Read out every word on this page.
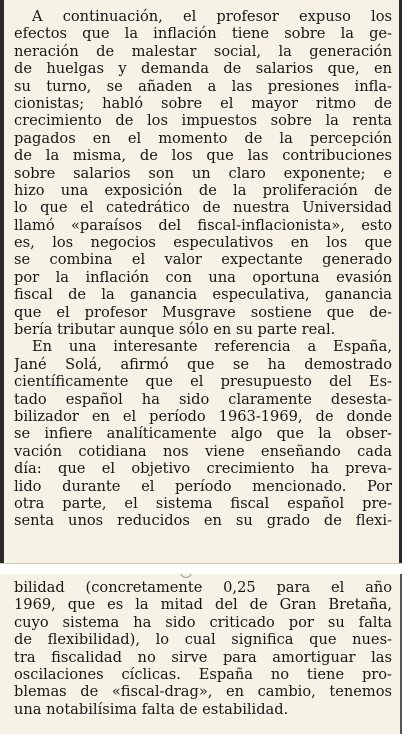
A continuación, el profesor expuso los
efectos que la inflación tiene sobre la ge-
neración de malestar social, la generación
de huelgas y demanda de salarios que, en
su turno, se añaden a las presiones infla-
cionistas; habló sobre el mayor ritmo de
crecimiento de los impuestos sobre la renta
pagados en el momento de la percepción
de la misma, de los que las contribuciones
sobre salarios son un claro exponente; e
hizo una exposición de la proliferación de
lo que el catedrático de nuestra Universidad
llamó «paraísos del fiscal-inflacionista», esto
es, los negocios especulativos en los que
se combina el valor expectante generado
por la inflación con una oportuna evasión
fiscal de la ganancia especulativa, ganancia
que el profesor Musgrave sostiene que de-
bería tributar aunque sólo en su parte real.
En una interesante referencia a España,
Jané Solá, afirmó que se ha demostrado
científicamente que el presupuesto del Es-
tado español ha sido claramente desesta-
bilizador en el período 1963-1969, de donde
se infiere analíticamente algo que la obser-
vación cotidiana nos viene enseñando cada
día: que el objetivo crecimiento ha preva-
lido durante el período mencionado. Por
otra parte, el sistema fiscal español pre-
senta unos reducidos en su grado de flexi-
bilidad (concretamente 0,25 para el año
1969, que es la mitad del de Gran Bretaña,
cuyo sistema ha sido criticado por su falta
de flexibilidad), lo cual significa que nues-
tra fiscalidad no sirve para amortiguar las
oscilaciones cíclicas. España no tiene pro-
blemas de «fiscal-drag», en cambio, tenemos
una notabilísima falta de estabilidad.
